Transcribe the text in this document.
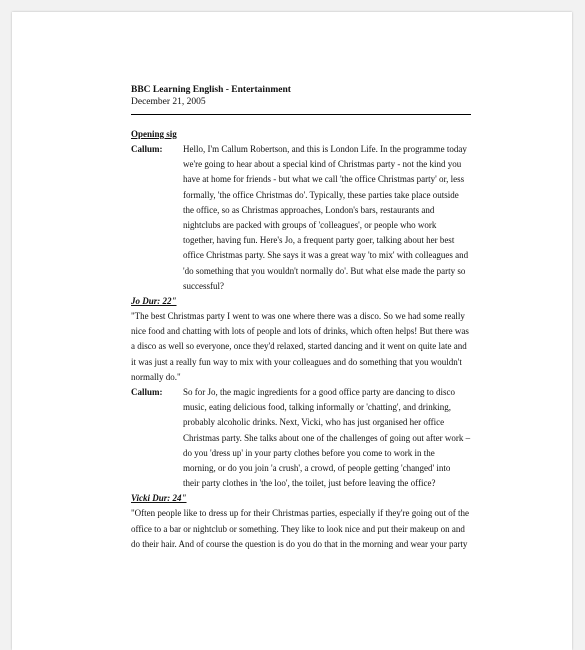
BBC Learning English - Entertainment
December 21, 2005
Opening sig
Callum:	Hello, I'm Callum Robertson, and this is London Life. In the programme today
we're going to hear about a special kind of Christmas party - not the kind you
have at home for friends - but what we call 'the office Christmas party' or, less
formally, 'the office Christmas do'. Typically, these parties take place outside
the office, so as Christmas approaches, London's bars, restaurants and
nightclubs are packed with groups of 'colleagues', or people who work
together, having fun. Here's Jo, a frequent party goer, talking about her best
office Christmas party. She says it was a great way 'to mix' with colleagues and
'do something that you wouldn't normally do'. But what else made the party so
successful?
Jo Dur: 22"
"The best Christmas party I went to was one where there was a disco. So we had some really
nice food and chatting with lots of people and lots of drinks, which often helps! But there was
a disco as well so everyone, once they'd relaxed, started dancing and it went on quite late and
it was just a really fun way to mix with your colleagues and do something that you wouldn't
normally do."
Callum:	So for Jo, the magic ingredients for a good office party are dancing to disco
music, eating delicious food, talking informally or 'chatting', and drinking,
probably alcoholic drinks. Next, Vicki, who has just organised her office
Christmas party. She talks about one of the challenges of going out after work –
do you 'dress up' in your party clothes before you come to work in the
morning, or do you join 'a crush', a crowd, of people getting 'changed' into
their party clothes in 'the loo', the toilet, just before leaving the office?
Vicki Dur: 24"
"Often people like to dress up for their Christmas parties, especially if they're going out of the
office to a bar or nightclub or something. They like to look nice and put their makeup on and
do their hair. And of course the question is do you do that in the morning and wear your party
